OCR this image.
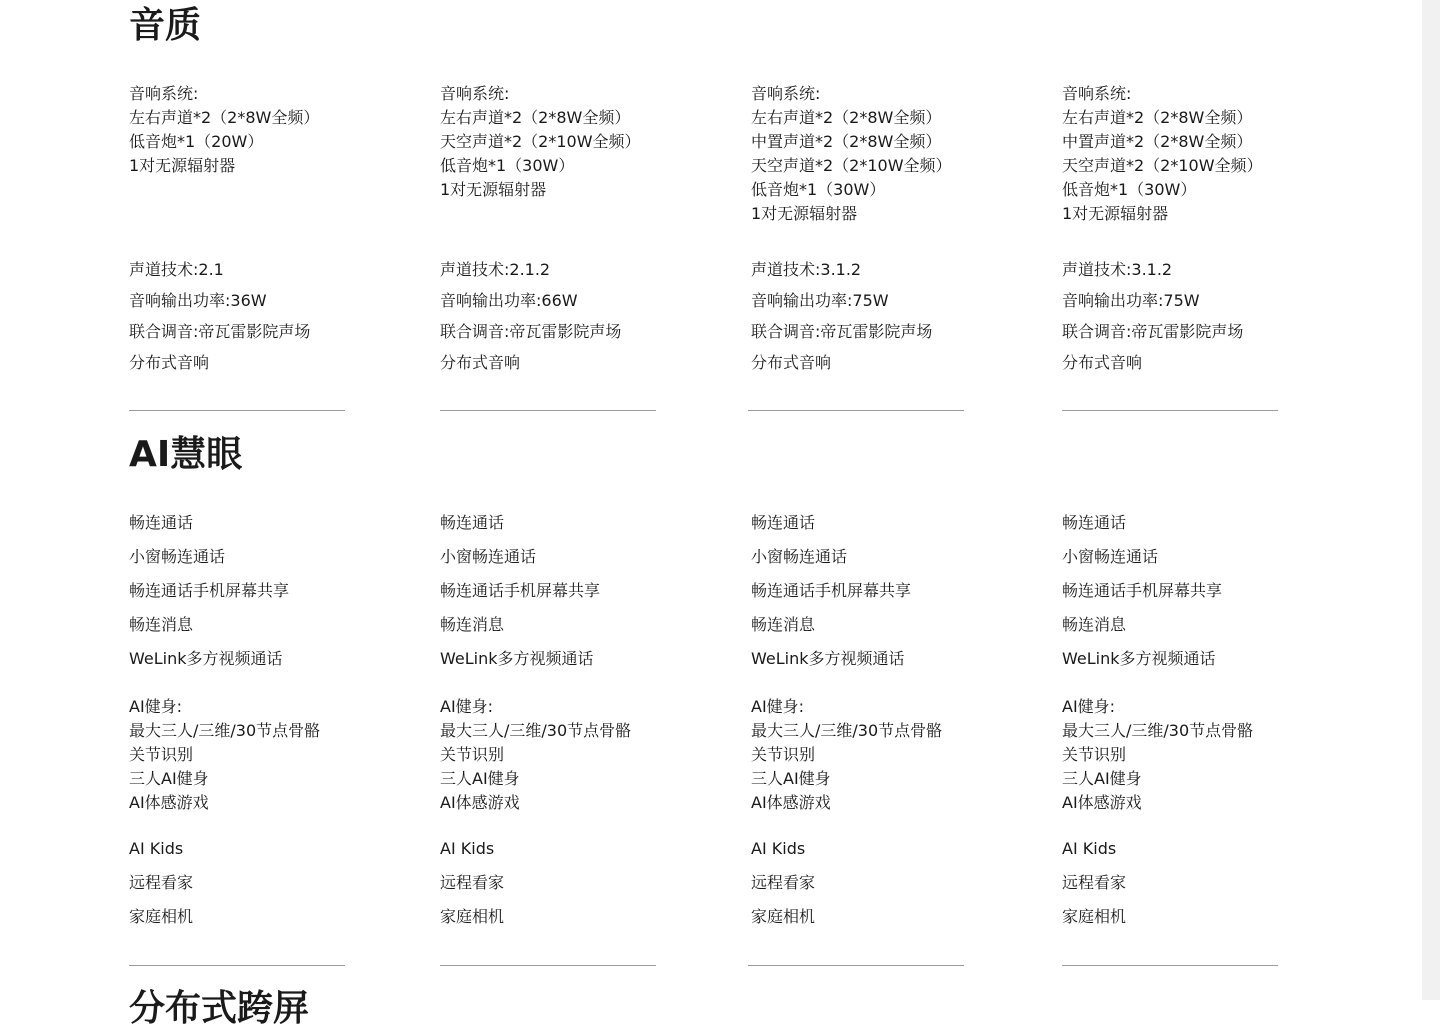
音质
音响系统:
左右声道*2（2*8W全频）
低音炮*1（20W）
1对无源辐射器
声道技术:2.1
音响输出功率:36W
联合调音:帝瓦雷影院声场
分布式音响
音响系统:
左右声道*2（2*8W全频）
天空声道*2（2*10W全频）
低音炮*1（30W）
1对无源辐射器
声道技术:2.1.2
音响输出功率:66W
联合调音:帝瓦雷影院声场
分布式音响
音响系统:
左右声道*2（2*8W全频）
中置声道*2（2*8W全频）
天空声道*2（2*10W全频）
低音炮*1（30W）
1对无源辐射器
声道技术:3.1.2
音响输出功率:75W
联合调音:帝瓦雷影院声场
分布式音响
音响系统:
左右声道*2（2*8W全频）
中置声道*2（2*8W全频）
天空声道*2（2*10W全频）
低音炮*1（30W）
1对无源辐射器
声道技术:3.1.2
音响输出功率:75W
联合调音:帝瓦雷影院声场
分布式音响
AI慧眼
畅连通话
小窗畅连通话
畅连通话手机屏幕共享
畅连消息
WeLink多方视频通话
AI健身:
最大三人/三维/30节点骨骼
关节识别
三人AI健身
AI体感游戏
AI Kids
远程看家
家庭相机
畅连通话
小窗畅连通话
畅连通话手机屏幕共享
畅连消息
WeLink多方视频通话
AI健身:
最大三人/三维/30节点骨骼
关节识别
三人AI健身
AI体感游戏
AI Kids
远程看家
家庭相机
畅连通话
小窗畅连通话
畅连通话手机屏幕共享
畅连消息
WeLink多方视频通话
AI健身:
最大三人/三维/30节点骨骼
关节识别
三人AI健身
AI体感游戏
AI Kids
远程看家
家庭相机
畅连通话
小窗畅连通话
畅连通话手机屏幕共享
畅连消息
WeLink多方视频通话
AI健身:
最大三人/三维/30节点骨骼
关节识别
三人AI健身
AI体感游戏
AI Kids
远程看家
家庭相机
分布式跨屏
